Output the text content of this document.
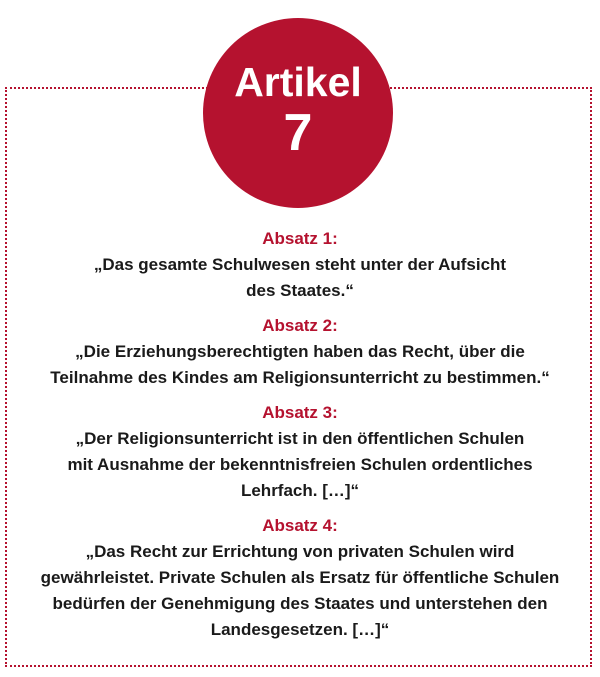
Artikel
7
Absatz 1:
„Das gesamte Schulwesen steht unter der Aufsicht
des Staates.“
Absatz 2:
„Die Erziehungsberechtigten haben das Recht, über die
Teilnahme des Kindes am Religionsunterricht zu bestimmen.“
Absatz 3:
„Der Religionsunterricht ist in den öffentlichen Schulen
mit Ausnahme der bekenntnisfreien Schulen ordentliches
Lehrfach. […]“
Absatz 4:
„Das Recht zur Errichtung von privaten Schulen wird
gewährleistet. Private Schulen als Ersatz für öffentliche Schulen
bedürfen der Genehmigung des Staates und unterstehen den
Landesgesetzen. […]“
